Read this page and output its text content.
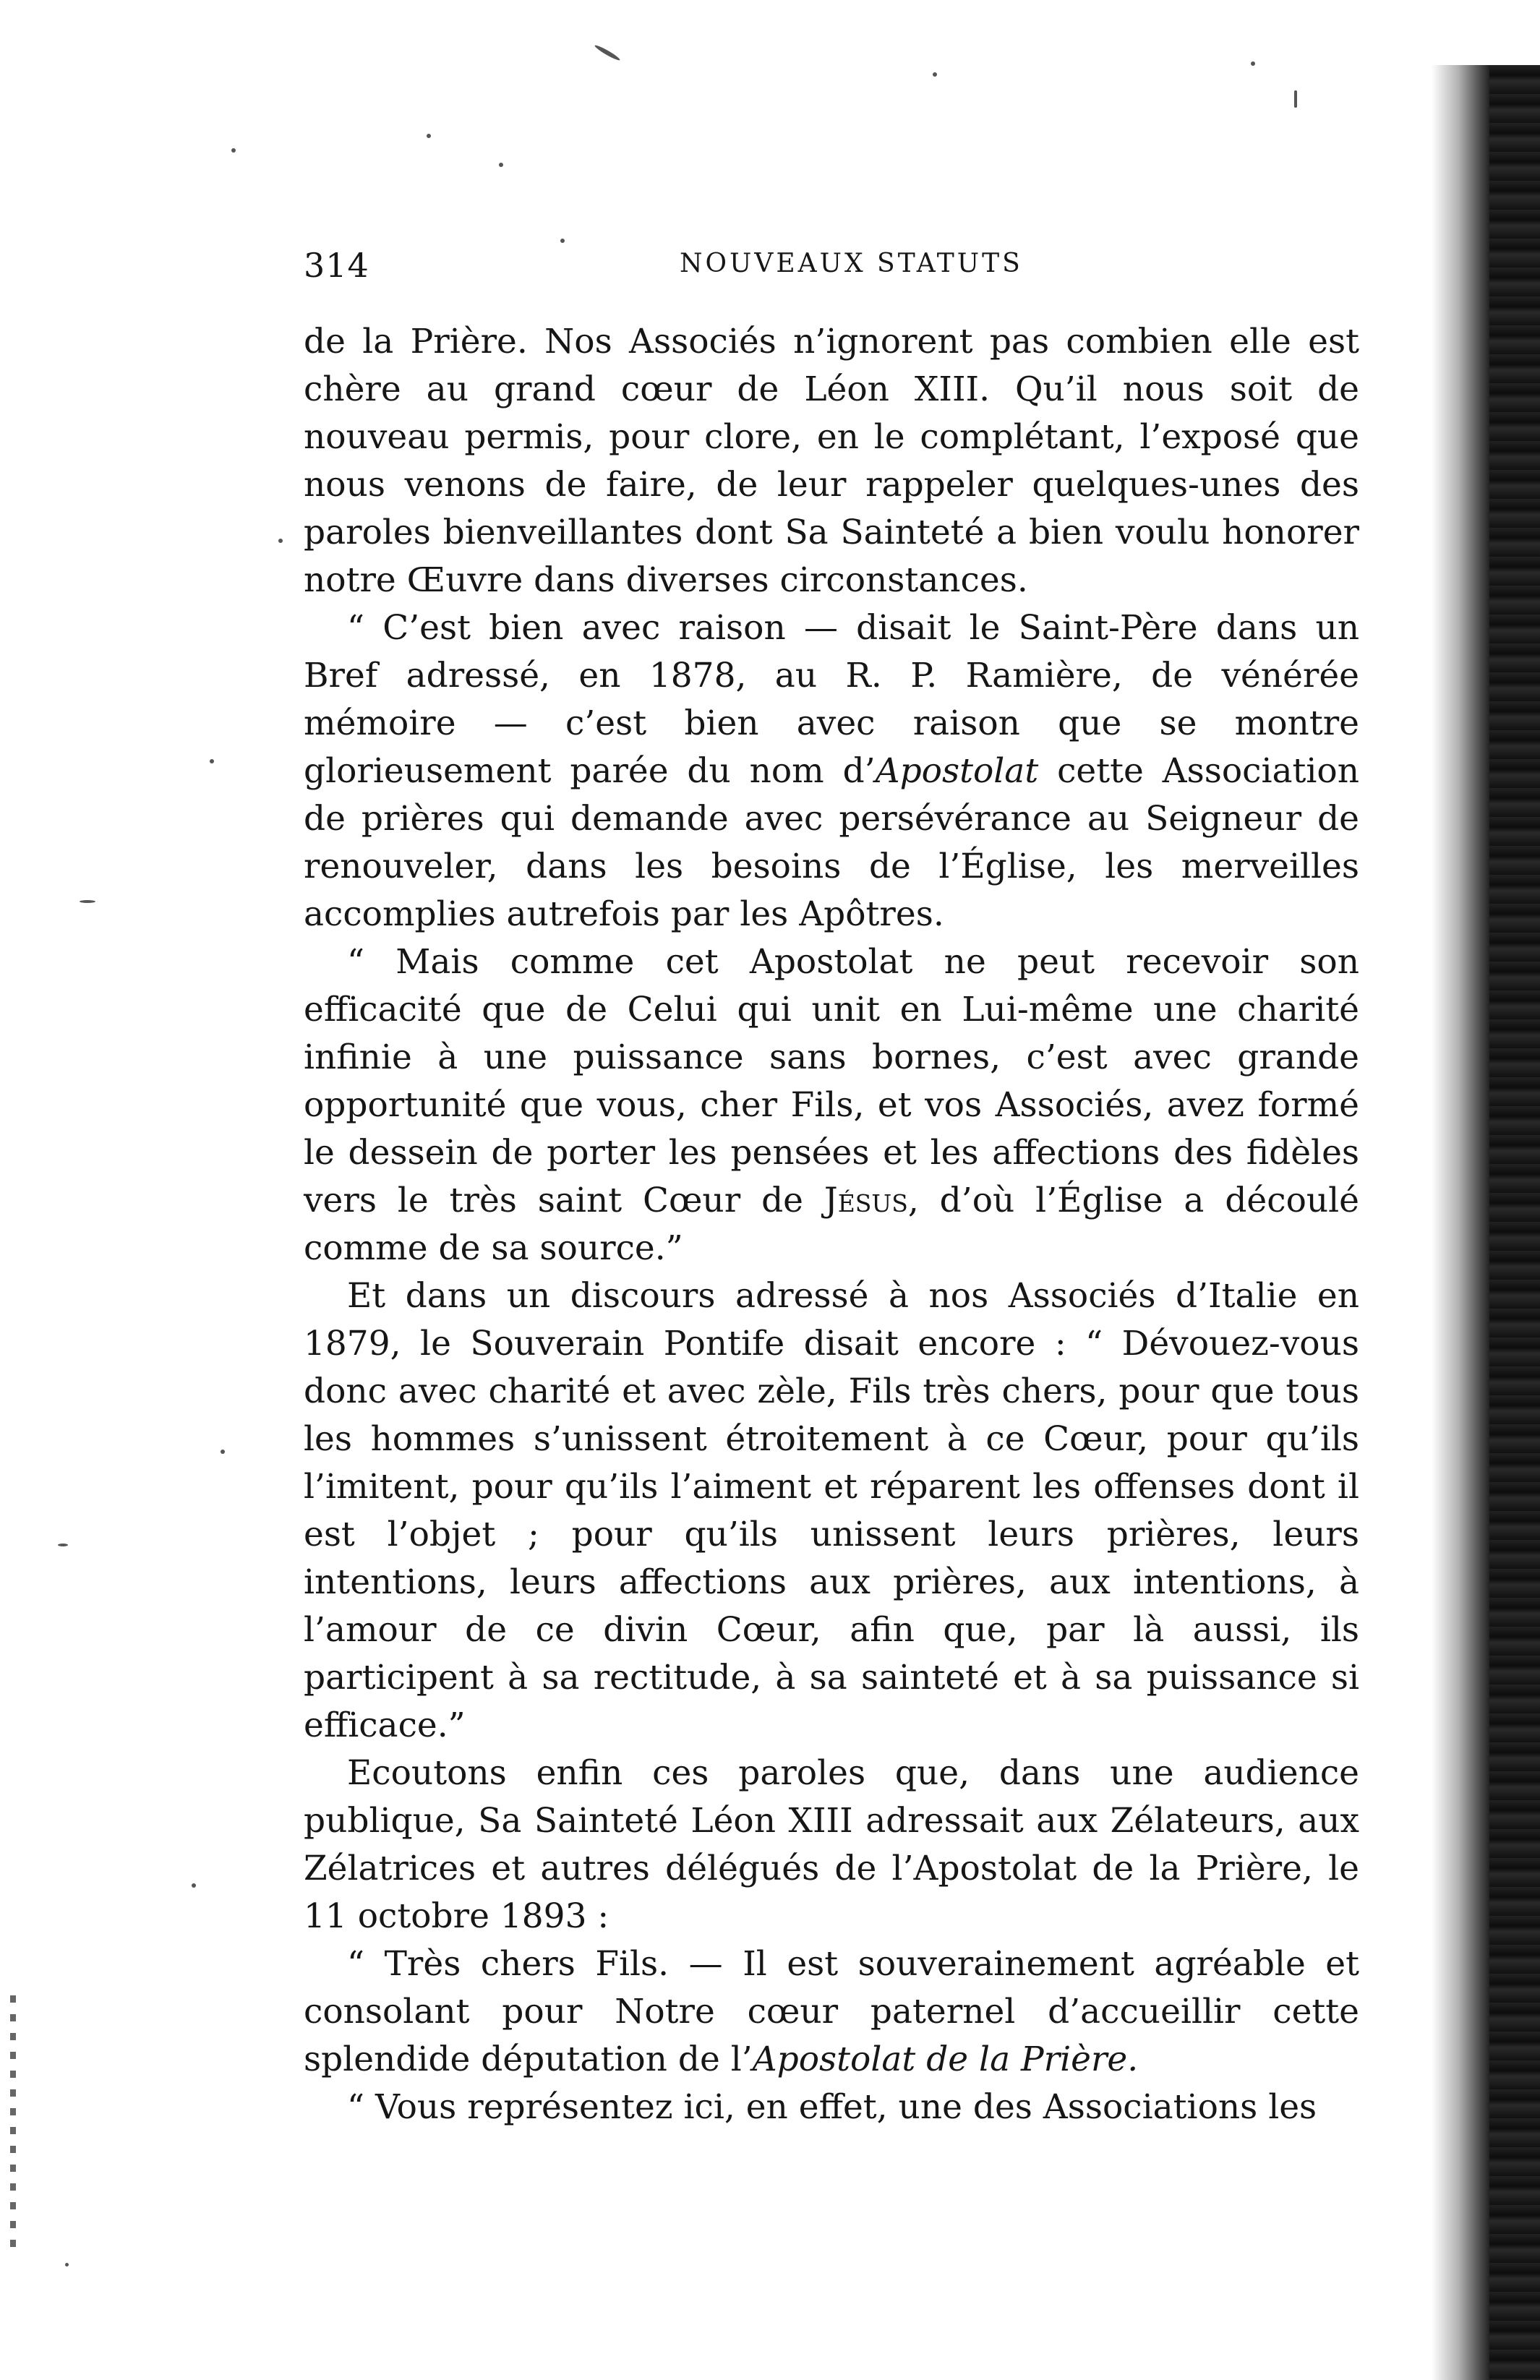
314	NOUVEAUX STATUTS

de la Prière. Nos Associés n’ignorent pas combien elle est chère au grand cœur de Léon XIII. Qu’il nous soit de nouveau permis, pour clore, en le complétant, l’exposé que nous venons de faire, de leur rappeler quelques-unes des paroles bienveillantes dont Sa Sainteté a bien voulu honorer notre Œuvre dans diverses circonstances.

“ C’est bien avec raison — disait le Saint-Père dans un Bref adressé, en 1878, au R. P. Ramière, de vénérée mémoire — c’est bien avec raison que se montre glorieusement parée du nom d’Apostolat cette Association de prières qui demande avec persévérance au Seigneur de renouveler, dans les besoins de l’Église, les merveilles accomplies autrefois par les Apôtres.

“ Mais comme cet Apostolat ne peut recevoir son efficacité que de Celui qui unit en Lui-même une charité infinie à une puissance sans bornes, c’est avec grande opportunité que vous, cher Fils, et vos Associés, avez formé le dessein de porter les pensées et les affections des fidèles vers le très saint Cœur de Jésus, d’où l’Église a découlé comme de sa source.”

Et dans un discours adressé à nos Associés d’Italie en 1879, le Souverain Pontife disait encore : “ Dévouez-vous donc avec charité et avec zèle, Fils très chers, pour que tous les hommes s’unissent étroitement à ce Cœur, pour qu’ils l’imitent, pour qu’ils l’aiment et réparent les offenses dont il est l’objet ; pour qu’ils unissent leurs prières, leurs intentions, leurs affections aux prières, aux intentions, à l’amour de ce divin Cœur, afin que, par là aussi, ils participent à sa rectitude, à sa sainteté et à sa puissance si efficace.”

Ecoutons enfin ces paroles que, dans une audience publique, Sa Sainteté Léon XIII adressait aux Zélateurs, aux Zélatrices et autres délégués de l’Apostolat de la Prière, le 11 octobre 1893 :

“ Très chers Fils. — Il est souverainement agréable et consolant pour Notre cœur paternel d’accueillir cette splendide députation de l’Apostolat de la Prière.

“ Vous représentez ici, en effet, une des Associations les
